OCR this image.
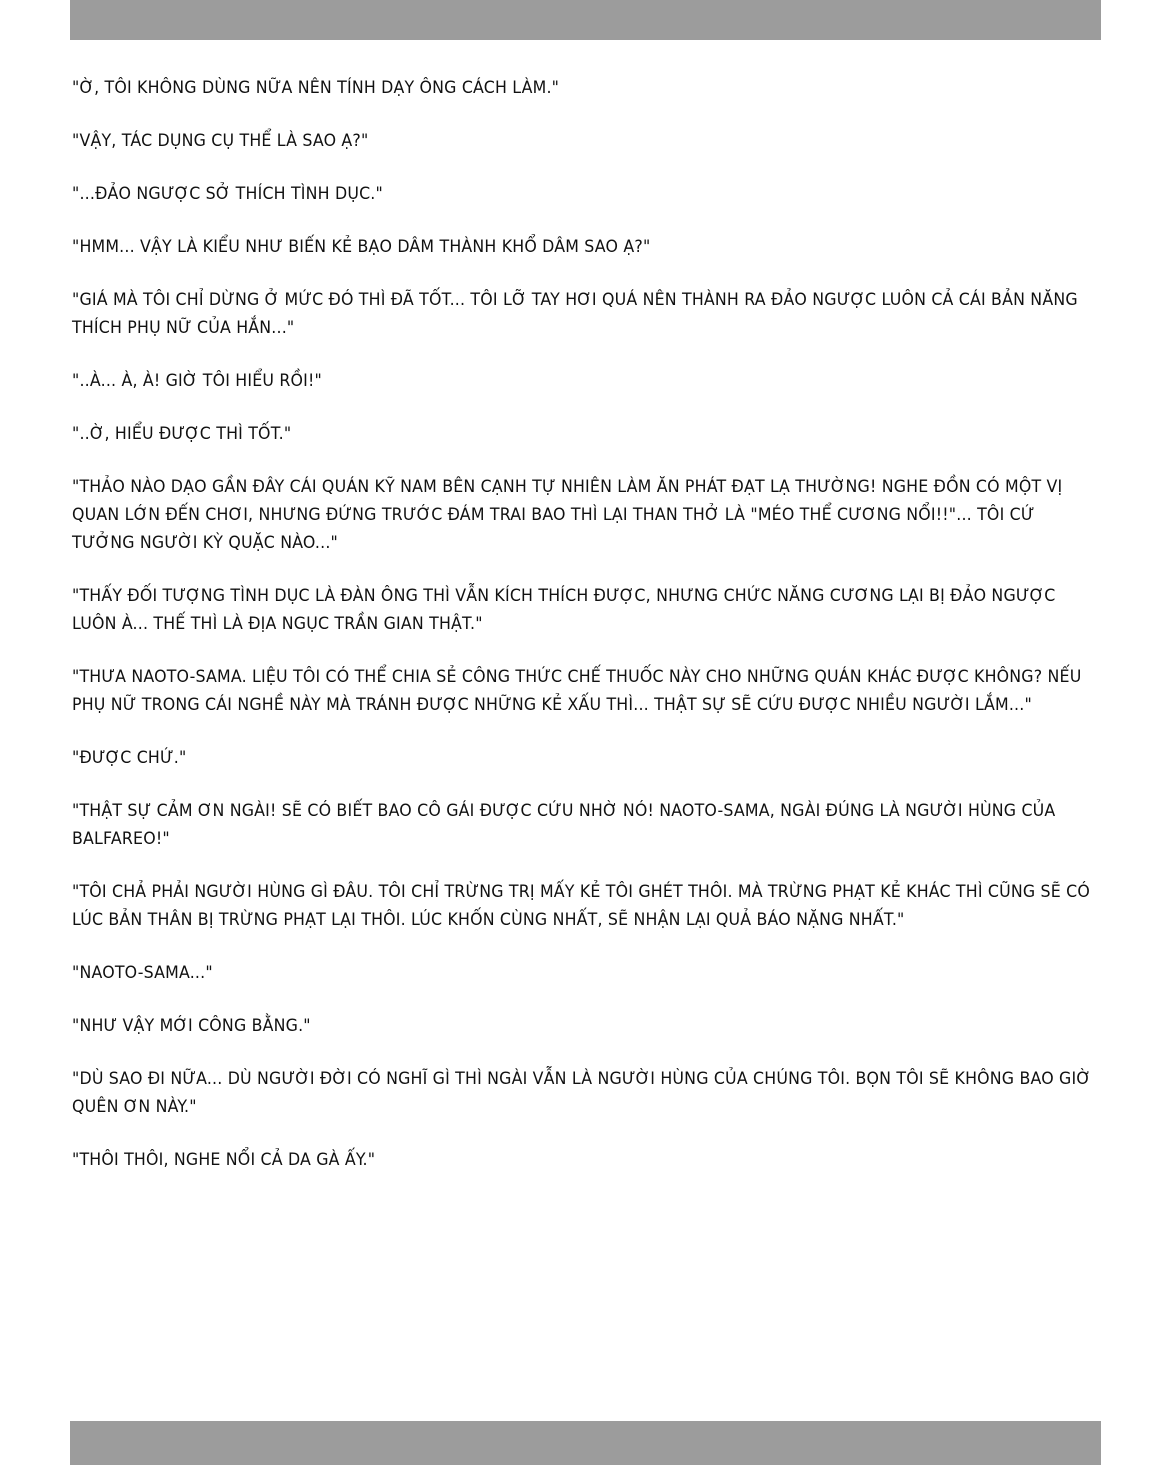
"Ờ, TÔI KHÔNG DÙNG NỮA NÊN TÍNH DẠY ÔNG CÁCH LÀM."

"VẬY, TÁC DỤNG CỤ THỂ LÀ SAO Ạ?"

"...ĐẢO NGƯỢC SỞ THÍCH TÌNH DỤC."

"HMM... VẬY LÀ KIỂU NHƯ BIẾN KẺ BẠO DÂM THÀNH KHỔ DÂM SAO Ạ?"

"GIÁ MÀ TÔI CHỈ DỪNG Ở MỨC ĐÓ THÌ ĐÃ TỐT... TÔI LỠ TAY HƠI QUÁ NÊN THÀNH RA ĐẢO NGƯỢC LUÔN CẢ CÁI BẢN NĂNG THÍCH PHỤ NỮ CỦA HẮN..."

"..À... À, À! GIỜ TÔI HIỂU RỒI!"

"..Ờ, HIỂU ĐƯỢC THÌ TỐT."

"THẢO NÀO DẠO GẦN ĐÂY CÁI QUÁN KỸ NAM BÊN CẠNH TỰ NHIÊN LÀM ĂN PHÁT ĐẠT LẠ THƯỜNG! NGHE ĐỒN CÓ MỘT VỊ QUAN LỚN ĐẾN CHƠI, NHƯNG ĐỨNG TRƯỚC ĐÁM TRAI BAO THÌ LẠI THAN THỞ LÀ "MÉO THỂ CƯƠNG NỔI!!"... TÔI CỨ TƯỞNG NGƯỜI KỲ QUẶC NÀO..."

"THẤY ĐỐI TƯỢNG TÌNH DỤC LÀ ĐÀN ÔNG THÌ VẪN KÍCH THÍCH ĐƯỢC, NHƯNG CHỨC NĂNG CƯƠNG LẠI BỊ ĐẢO NGƯỢC LUÔN À... THẾ THÌ LÀ ĐỊA NGỤC TRẦN GIAN THẬT."

"THƯA NAOTO-SAMA. LIỆU TÔI CÓ THỂ CHIA SẺ CÔNG THỨC CHẾ THUỐC NÀY CHO NHỮNG QUÁN KHÁC ĐƯỢC KHÔNG? NẾU PHỤ NỮ TRONG CÁI NGHỀ NÀY MÀ TRÁNH ĐƯỢC NHỮNG KẺ XẤU THÌ... THẬT SỰ SẼ CỨU ĐƯỢC NHIỀU NGƯỜI LẮM..."

"ĐƯỢC CHỨ."

"THẬT SỰ CẢM ƠN NGÀI! SẼ CÓ BIẾT BAO CÔ GÁI ĐƯỢC CỨU NHỜ NÓ! NAOTO-SAMA, NGÀI ĐÚNG LÀ NGƯỜI HÙNG CỦA BALFAREO!"

"TÔI CHẢ PHẢI NGƯỜI HÙNG GÌ ĐÂU. TÔI CHỈ TRỪNG TRỊ MẤY KẺ TÔI GHÉT THÔI. MÀ TRỪNG PHẠT KẺ KHÁC THÌ CŨNG SẼ CÓ LÚC BẢN THÂN BỊ TRỪNG PHẠT LẠI THÔI. LÚC KHỐN CÙNG NHẤT, SẼ NHẬN LẠI QUẢ BÁO NẶNG NHẤT."

"NAOTO-SAMA..."

"NHƯ VẬY MỚI CÔNG BẰNG."

"DÙ SAO ĐI NỮA... DÙ NGƯỜI ĐỜI CÓ NGHĨ GÌ THÌ NGÀI VẪN LÀ NGƯỜI HÙNG CỦA CHÚNG TÔI. BỌN TÔI SẼ KHÔNG BAO GIỜ QUÊN ƠN NÀY."

"THÔI THÔI, NGHE NỔI CẢ DA GÀ ẤY."
